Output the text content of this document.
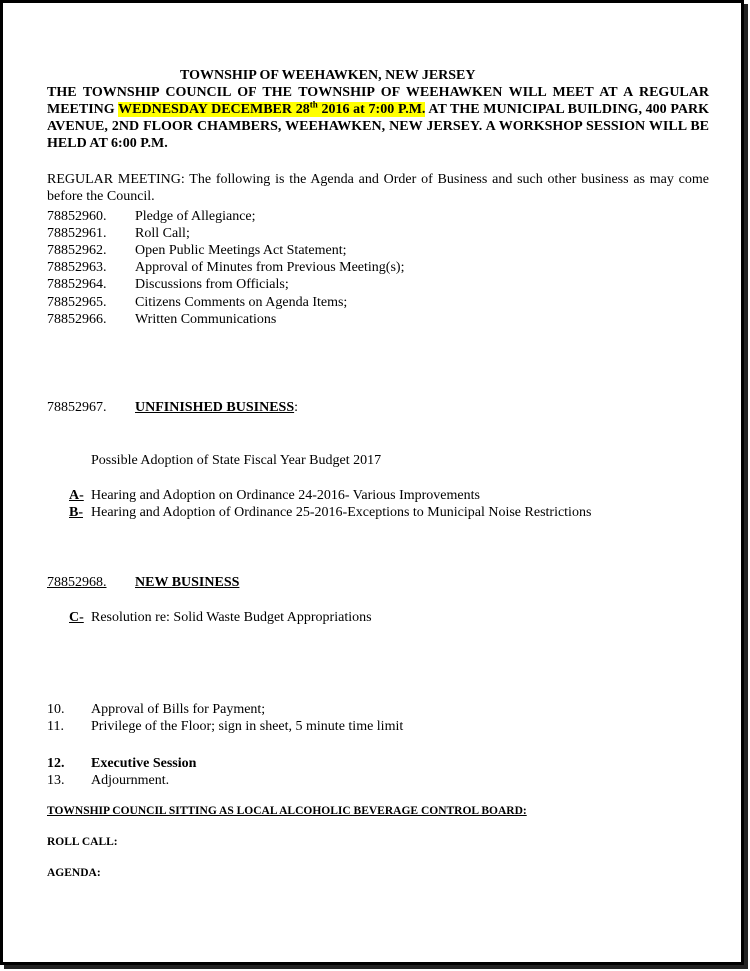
TOWNSHIP OF WEEHAWKEN, NEW JERSEY
THE TOWNSHIP COUNCIL OF THE TOWNSHIP OF WEEHAWKEN WILL MEET AT A REGULAR MEETING WEDNESDAY DECEMBER 28th 2016 at 7:00 P.M. AT THE MUNICIPAL BUILDING, 400 PARK AVENUE, 2ND FLOOR CHAMBERS, WEEHAWKEN, NEW JERSEY. A WORKSHOP SESSION WILL BE HELD AT 6:00 P.M.
REGULAR MEETING: The following is the Agenda and Order of Business and such other business as may come before the Council.
78852960. Pledge of Allegiance;
78852961. Roll Call;
78852962. Open Public Meetings Act Statement;
78852963. Approval of Minutes from Previous Meeting(s);
78852964. Discussions from Officials;
78852965. Citizens Comments on Agenda Items;
78852966. Written Communications
78852967. UNFINISHED BUSINESS:
Possible Adoption of State Fiscal Year Budget 2017
A- Hearing and Adoption on Ordinance 24-2016- Various Improvements
B- Hearing and Adoption of Ordinance 25-2016-Exceptions to Municipal Noise Restrictions
78852968. NEW BUSINESS
C- Resolution re: Solid Waste Budget Appropriations
10. Approval of Bills for Payment;
11. Privilege of the Floor; sign in sheet, 5 minute time limit
12. Executive Session
13. Adjournment.
TOWNSHIP COUNCIL SITTING AS LOCAL ALCOHOLIC BEVERAGE CONTROL BOARD:
ROLL CALL:
AGENDA:
